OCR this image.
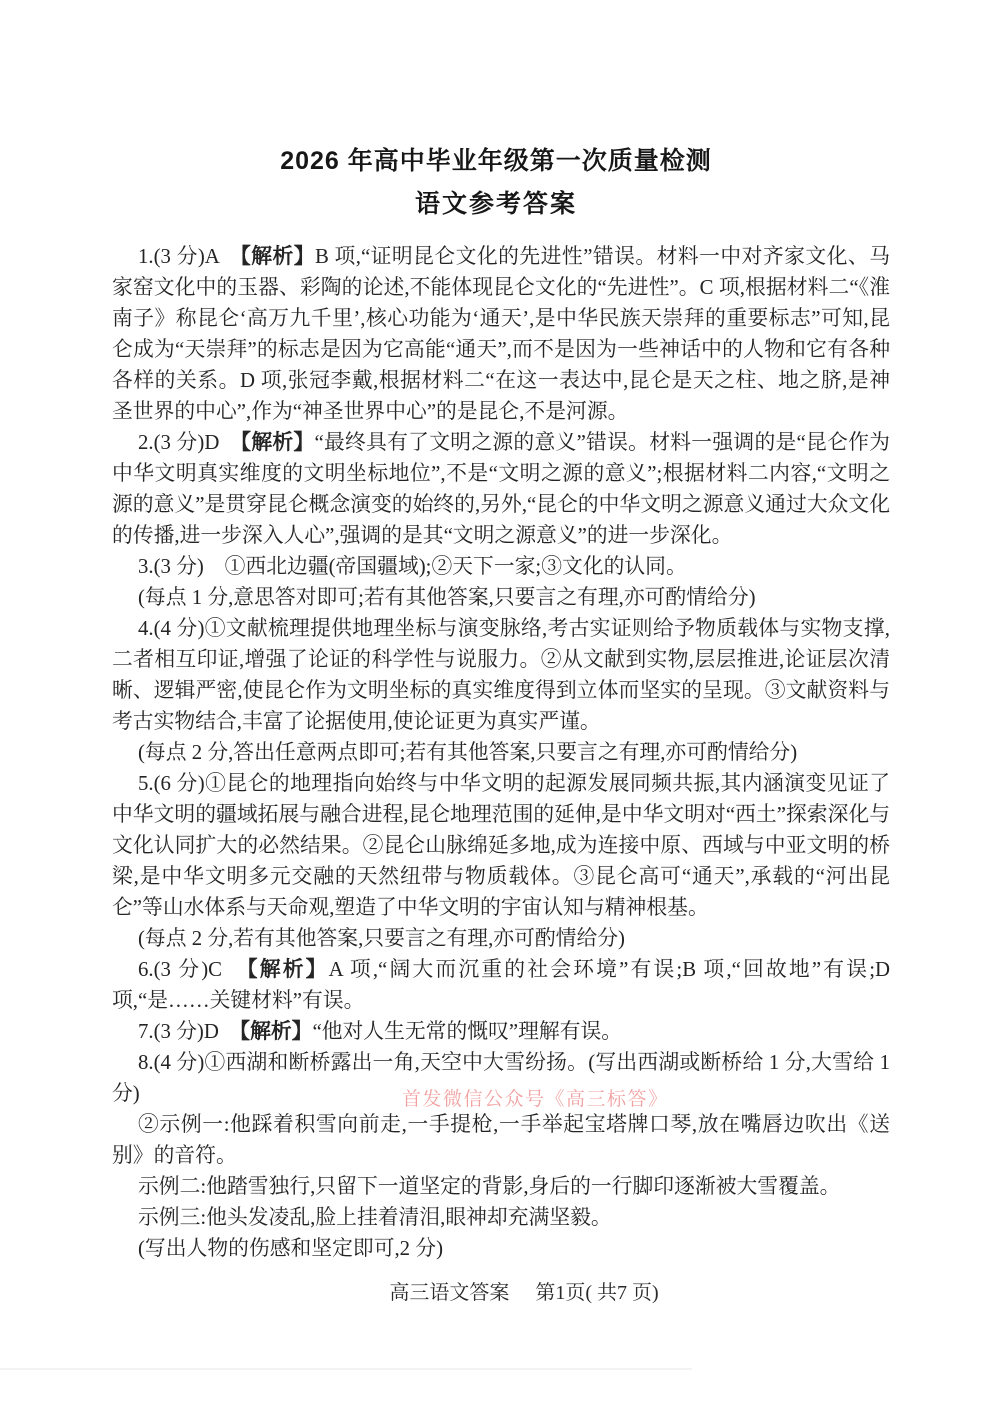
2026 年高中毕业年级第一次质量检测
语文参考答案

1.(3 分)A　【解析】B 项,“证明昆仑文化的先进性”错误。材料一中对齐家文化、马家窑文化中的玉器、彩陶的论述,不能体现昆仑文化的“先进性”。C 项,根据材料二“《淮南子》称昆仑‘高万九千里’,核心功能为‘通天’,是中华民族天崇拜的重要标志”可知,昆仑成为“天崇拜”的标志是因为它高能“通天”,而不是因为一些神话中的人物和它有各种各样的关系。D 项,张冠李戴,根据材料二“在这一表达中,昆仑是天之柱、地之脐,是神圣世界的中心”,作为“神圣世界中心”的是昆仑,不是河源。

2.(3 分)D　【解析】“最终具有了文明之源的意义”错误。材料一强调的是“昆仑作为中华文明真实维度的文明坐标地位”,不是“文明之源的意义”;根据材料二内容,“文明之源的意义”是贯穿昆仑概念演变的始终的,另外,“昆仑的中华文明之源意义通过大众文化的传播,进一步深入人心”,强调的是其“文明之源意义”的进一步深化。

3.(3 分)　①西北边疆(帝国疆域);②天下一家;③文化的认同。

(每点 1 分,意思答对即可;若有其他答案,只要言之有理,亦可酌情给分)

4.(4 分)①文献梳理提供地理坐标与演变脉络,考古实证则给予物质载体与实物支撑,二者相互印证,增强了论证的科学性与说服力。②从文献到实物,层层推进,论证层次清晰、逻辑严密,使昆仑作为文明坐标的真实维度得到立体而坚实的呈现。③文献资料与考古实物结合,丰富了论据使用,使论证更为真实严谨。

(每点 2 分,答出任意两点即可;若有其他答案,只要言之有理,亦可酌情给分)

5.(6 分)①昆仑的地理指向始终与中华文明的起源发展同频共振,其内涵演变见证了中华文明的疆域拓展与融合进程,昆仑地理范围的延伸,是中华文明对“西土”探索深化与文化认同扩大的必然结果。②昆仑山脉绵延多地,成为连接中原、西域与中亚文明的桥梁,是中华文明多元交融的天然纽带与物质载体。③昆仑高可“通天”,承载的“河出昆仑”等山水体系与天命观,塑造了中华文明的宇宙认知与精神根基。

(每点 2 分,若有其他答案,只要言之有理,亦可酌情给分)

6.(3 分)C　【解析】A 项,“阔大而沉重的社会环境”有误;B 项,“回故地”有误;D 项,“是……关键材料”有误。

7.(3 分)D　【解析】“他对人生无常的慨叹”理解有误。

8.(4 分)①西湖和断桥露出一角,天空中大雪纷扬。(写出西湖或断桥给 1 分,大雪给 1 分)

②示例一:他踩着积雪向前走,一手提枪,一手举起宝塔牌口琴,放在嘴唇边吹出《送别》的音符。

示例二:他踏雪独行,只留下一道坚定的背影,身后的一行脚印逐渐被大雪覆盖。

示例三:他头发凌乱,脸上挂着清泪,眼神却充满坚毅。

(写出人物的伤感和坚定即可,2 分)

首发微信公众号《高三标答》
高三语文答案 第1页( 共7 页)
